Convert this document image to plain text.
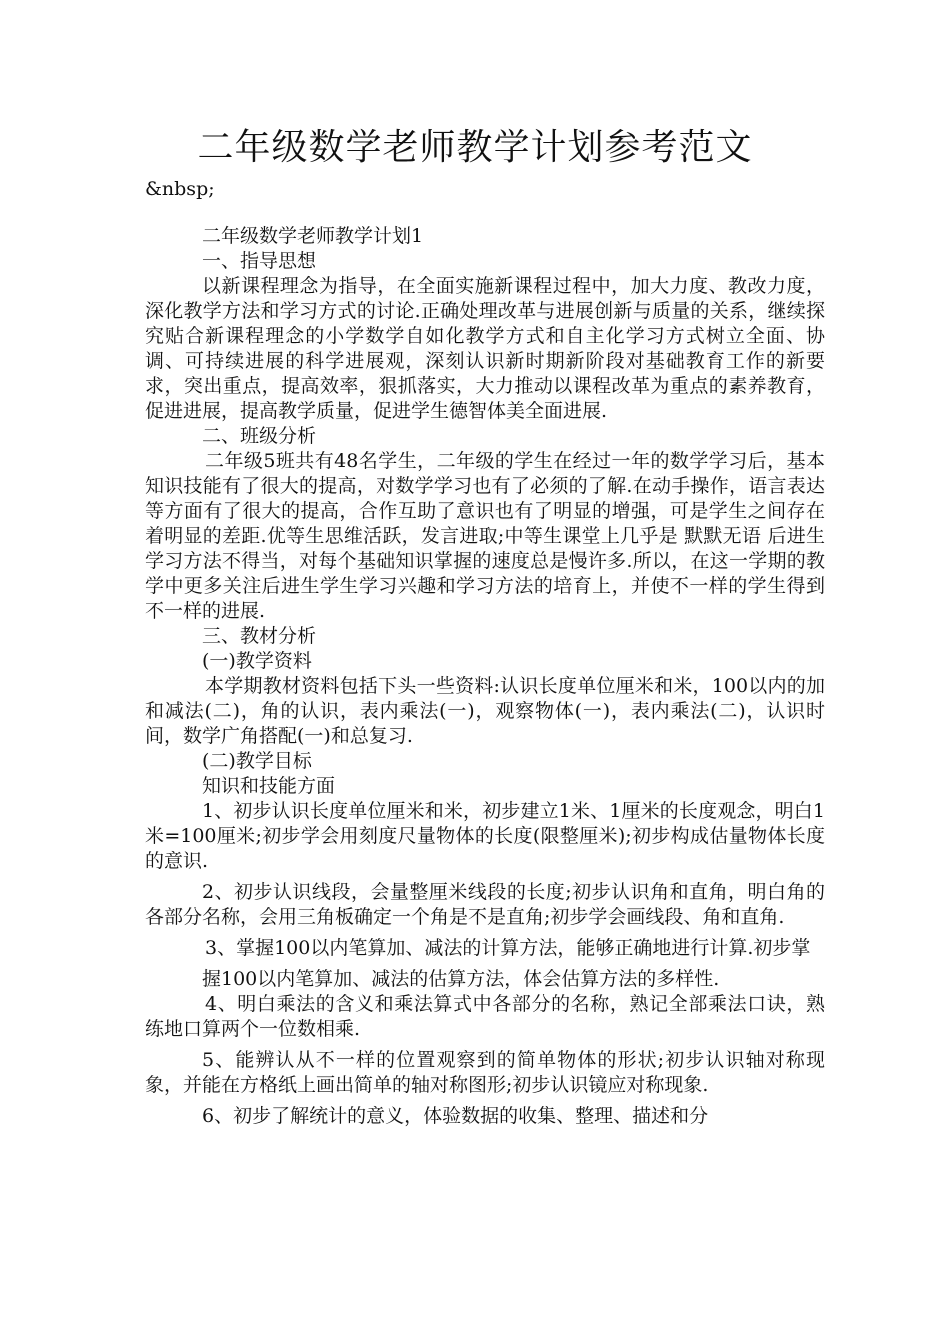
二年级数学老师教学计划参考范文

&nbsp;

二年级数学老师教学计划1

一、指导思想

以新课程理念为指导，在全面实施新课程过程中，加大力度、教改力度，深化教学方法和学习方式的讨论.正确处理改革与进展创新与质量的关系，继续探究贴合新课程理念的小学数学自如化教学方式和自主化学习方式树立全面、协调、可持续进展的科学进展观，深刻认识新时期新阶段对基础教育工作的新要求，突出重点，提高效率，狠抓落实，大力推动以课程改革为重点的素养教育，促进进展，提高教学质量，促进学生德智体美全面进展.

二、班级分析

二年级5班共有48名学生，二年级的学生在经过一年的数学学习后，基本知识技能有了很大的提高，对数学学习也有了必须的了解.在动手操作，语言表达等方面有了很大的提高，合作互助了意识也有了明显的增强，可是学生之间存在着明显的差距.优等生思维活跃，发言进取;中等生课堂上几乎是 默默无语 后进生学习方法不得当，对每个基础知识掌握的速度总是慢许多.所以，在这一学期的教学中更多关注后进生学生学习兴趣和学习方法的培育上，并使不一样的学生得到不一样的进展.

三、教材分析

(一)教学资料

本学期教材资料包括下头一些资料:认识长度单位厘米和米，100以内的加和减法(二)，角的认识，表内乘法(一)，观察物体(一)，表内乘法(二)，认识时间，数学广角搭配(一)和总复习.

(二)教学目标

知识和技能方面

1、初步认识长度单位厘米和米，初步建立1米、1厘米的长度观念，明白1米=100厘米;初步学会用刻度尺量物体的长度(限整厘米);初步构成估量物体长度的意识.

2、初步认识线段，会量整厘米线段的长度;初步认识角和直角，明白角的各部分名称，会用三角板确定一个角是不是直角;初步学会画线段、角和直角.

3、掌握100以内笔算加、减法的计算方法，能够正确地进行计算.初步掌

握100以内笔算加、减法的估算方法，体会估算方法的多样性.

4、明白乘法的含义和乘法算式中各部分的名称，熟记全部乘法口诀，熟练地口算两个一位数相乘.

5、能辨认从不一样的位置观察到的简单物体的形状;初步认识轴对称现象，并能在方格纸上画出简单的轴对称图形;初步认识镜应对称现象.

6、初步了解统计的意义，体验数据的收集、整理、描述和分
